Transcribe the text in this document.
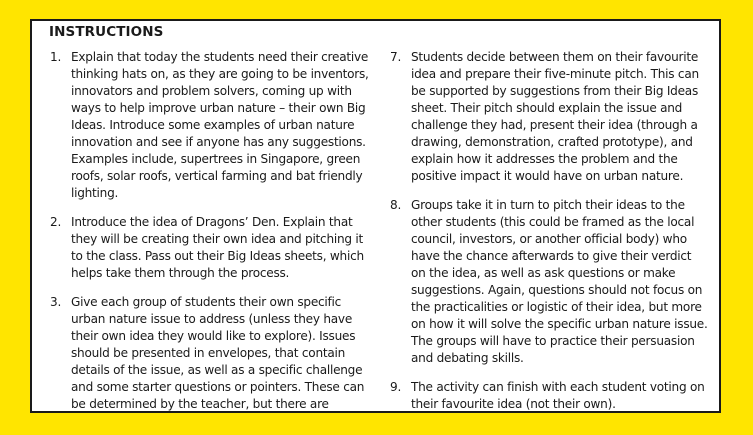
INSTRUCTIONS
1. Explain that today the students need their creative thinking hats on, as they are going to be inventors, innovators and problem solvers, coming up with ways to help improve urban nature – their own Big Ideas. Introduce some examples of urban nature innovation and see if anyone has any suggestions. Examples include, supertrees in Singapore, green roofs, solar roofs, vertical farming and bat friendly lighting.
2. Introduce the idea of Dragons’ Den. Explain that they will be creating their own idea and pitching it to the class. Pass out their Big Ideas sheets, which helps take them through the process.
3. Give each group of students their own specific urban nature issue to address (unless they have their own idea they would like to explore). Issues should be presented in envelopes, that contain details of the issue, as well as a specific challenge and some starter questions or pointers. These can be determined by the teacher, but there are
7. Students decide between them on their favourite idea and prepare their five-minute pitch. This can be supported by suggestions from their Big Ideas sheet. Their pitch should explain the issue and challenge they had, present their idea (through a drawing, demonstration, crafted prototype), and explain how it addresses the problem and the positive impact it would have on urban nature.
8. Groups take it in turn to pitch their ideas to the other students (this could be framed as the local council, investors, or another official body) who have the chance afterwards to give their verdict on the idea, as well as ask questions or make suggestions. Again, questions should not focus on the practicalities or logistic of their idea, but more on how it will solve the specific urban nature issue. The groups will have to practice their persuasion and debating skills.
9. The activity can finish with each student voting on their favourite idea (not their own).
